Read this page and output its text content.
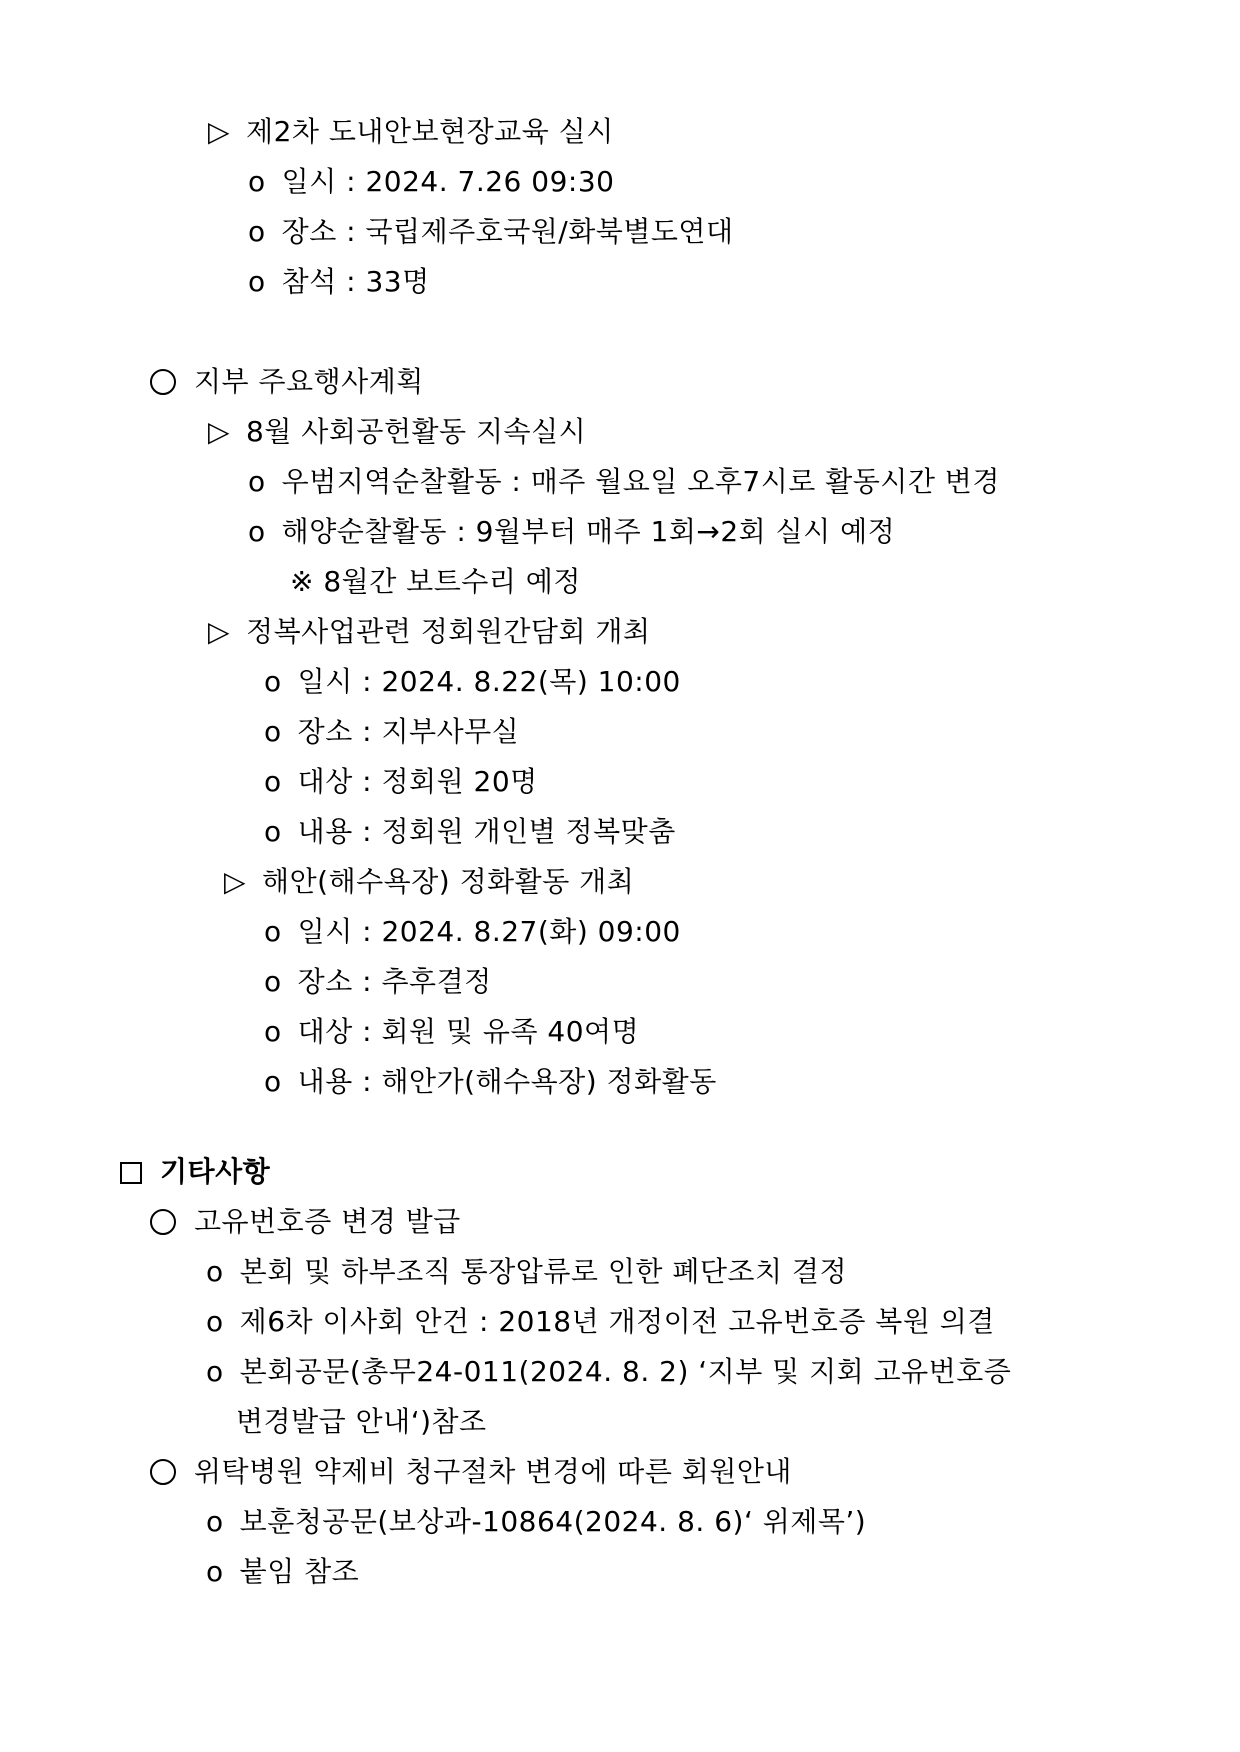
▷ 제2차 도내안보현장교육 실시
o 일시 : 2024. 7.26 09:30
o 장소 : 국립제주호국원/화북별도연대
o 참석 : 33명
지부 주요행사계획
▷ 8월 사회공헌활동 지속실시
o 우범지역순찰활동 : 매주 월요일 오후7시로 활동시간 변경
o 해양순찰활동 : 9월부터 매주 1회→2회 실시 예정
※ 8월간 보트수리 예정
▷ 정복사업관련 정회원간담회 개최
o 일시 : 2024. 8.22(목) 10:00
o 장소 : 지부사무실
o 대상 : 정회원 20명
o 내용 : 정회원 개인별 정복맞춤
▷ 해안(해수욕장) 정화활동 개최
o 일시 : 2024. 8.27(화) 09:00
o 장소 : 추후결정
o 대상 : 회원 및 유족 40여명
o 내용 : 해안가(해수욕장) 정화활동
기타사항
고유번호증 변경 발급
o 본회 및 하부조직 통장압류로 인한 폐단조치 결정
o 제6차 이사회 안건 : 2018년 개정이전 고유번호증 복원 의결
o 본회공문(총무24-011(2024. 8. 2) ‘지부 및 지회 고유번호증
변경발급 안내‘)참조
위탁병원 약제비 청구절차 변경에 따른 회원안내
o 보훈청공문(보상과-10864(2024. 8. 6)‘ 위제목’)
o 붙임 참조
